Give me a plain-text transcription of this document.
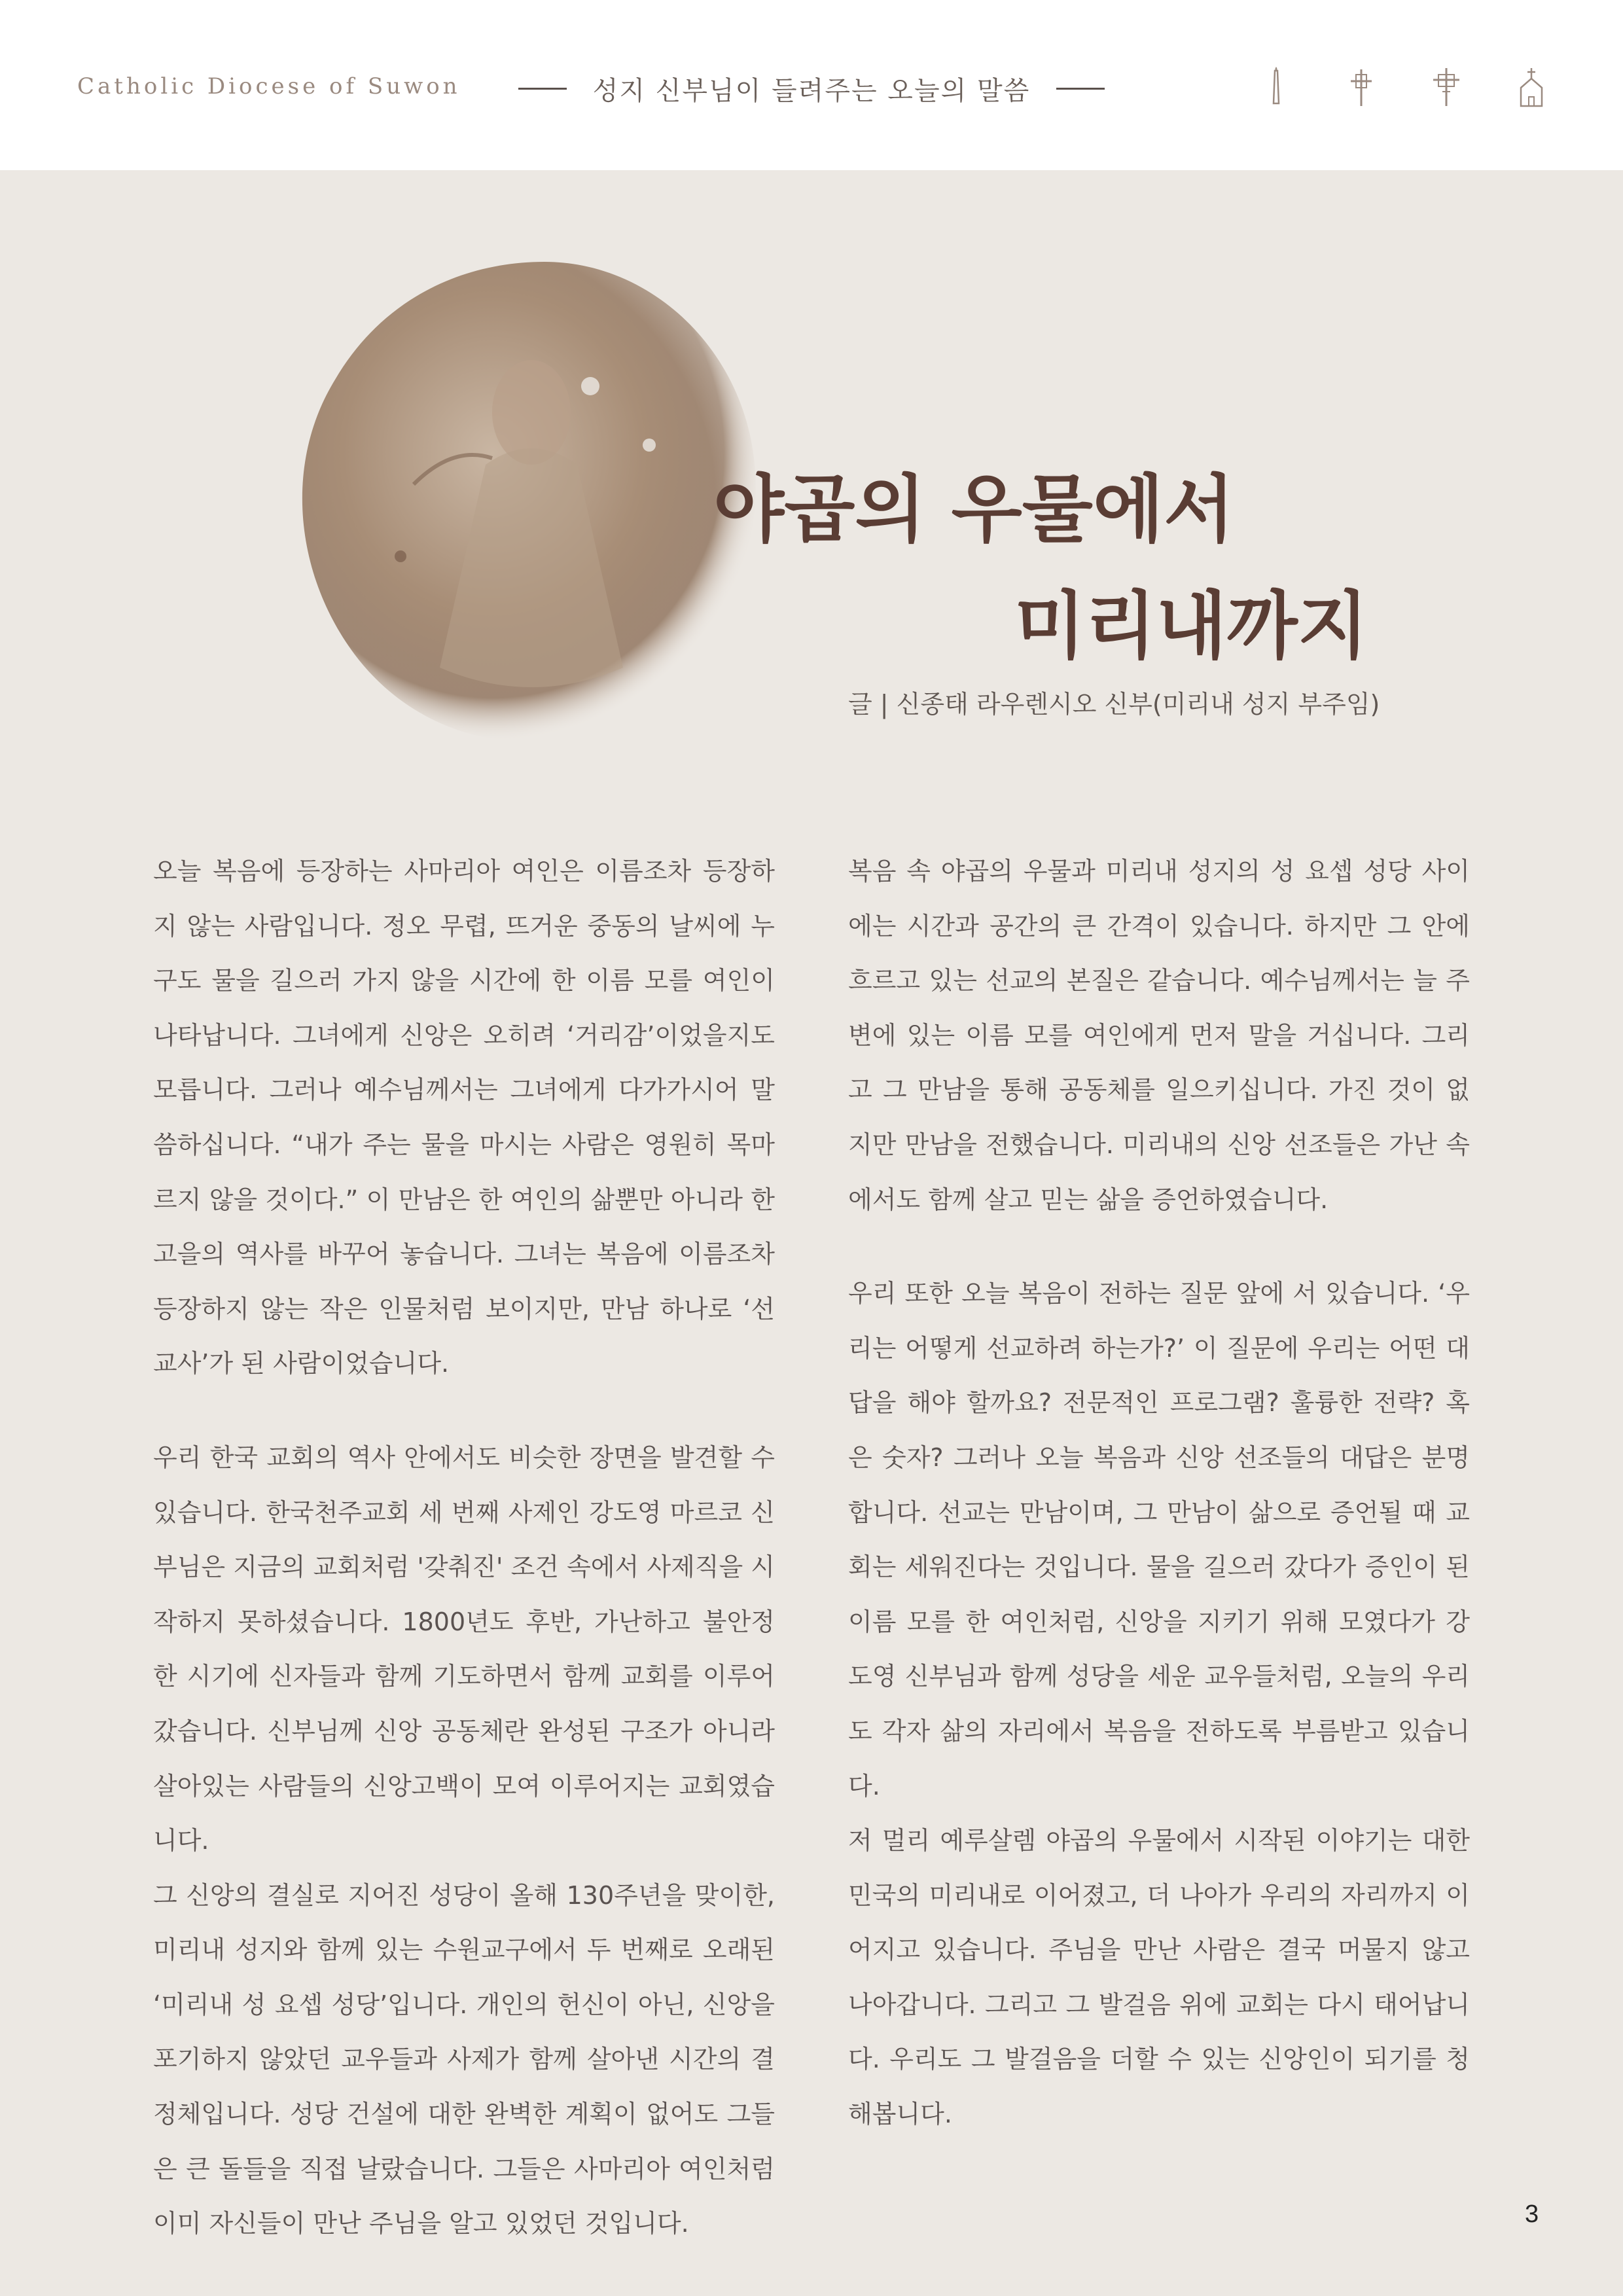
Catholic Diocese of Suwon	성지 신부님이 들려주는 오늘의 말씀
야곱의 우물에서
미리내까지
글 | 신종태 라우렌시오 신부(미리내 성지 부주임)

오늘 복음에 등장하는 사마리아 여인은 이름조차 등장하지 않는 사람입니다. 정오 무렵, 뜨거운 중동의 날씨에 누구도 물을 길으러 가지 않을 시간에 한 이름 모를 여인이 나타납니다. 그녀에게 신앙은 오히려 ‘거리감’이었을지도 모릅니다. 그러나 예수님께서는 그녀에게 다가가시어 말씀하십니다. “내가 주는 물을 마시는 사람은 영원히 목마르지 않을 것이다.” 이 만남은 한 여인의 삶뿐만 아니라 한 고을의 역사를 바꾸어 놓습니다. 그녀는 복음에 이름조차 등장하지 않는 작은 인물처럼 보이지만, 만남 하나로 ‘선교사’가 된 사람이었습니다.

우리 한국 교회의 역사 안에서도 비슷한 장면을 발견할 수 있습니다. 한국천주교회 세 번째 사제인 강도영 마르코 신부님은 지금의 교회처럼 '갖춰진' 조건 속에서 사제직을 시작하지 못하셨습니다. 1800년도 후반, 가난하고 불안정한 시기에 신자들과 함께 기도하면서 함께 교회를 이루어 갔습니다. 신부님께 신앙 공동체란 완성된 구조가 아니라 살아있는 사람들의 신앙고백이 모여 이루어지는 교회였습니다.

그 신앙의 결실로 지어진 성당이 올해 130주년을 맞이한, 미리내 성지와 함께 있는 수원교구에서 두 번째로 오래된 ‘미리내 성 요셉 성당’입니다. 개인의 헌신이 아닌, 신앙을 포기하지 않았던 교우들과 사제가 함께 살아낸 시간의 결정체입니다. 성당 건설에 대한 완벽한 계획이 없어도 그들은 큰 돌들을 직접 날랐습니다. 그들은 사마리아 여인처럼 이미 자신들이 만난 주님을 알고 있었던 것입니다.

복음 속 야곱의 우물과 미리내 성지의 성 요셉 성당 사이에는 시간과 공간의 큰 간격이 있습니다. 하지만 그 안에 흐르고 있는 선교의 본질은 같습니다. 예수님께서는 늘 주변에 있는 이름 모를 여인에게 먼저 말을 거십니다. 그리고 그 만남을 통해 공동체를 일으키십니다. 가진 것이 없지만 만남을 전했습니다. 미리내의 신앙 선조들은 가난 속에서도 함께 살고 믿는 삶을 증언하였습니다.

우리 또한 오늘 복음이 전하는 질문 앞에 서 있습니다. ‘우리는 어떻게 선교하려 하는가?’ 이 질문에 우리는 어떤 대답을 해야 할까요? 전문적인 프로그램? 훌륭한 전략? 혹은 숫자? 그러나 오늘 복음과 신앙 선조들의 대답은 분명합니다. 선교는 만남이며, 그 만남이 삶으로 증언될 때 교회는 세워진다는 것입니다. 물을 길으러 갔다가 증인이 된 이름 모를 한 여인처럼, 신앙을 지키기 위해 모였다가 강도영 신부님과 함께 성당을 세운 교우들처럼, 오늘의 우리도 각자 삶의 자리에서 복음을 전하도록 부름받고 있습니다.

저 멀리 예루살렘 야곱의 우물에서 시작된 이야기는 대한민국의 미리내로 이어졌고, 더 나아가 우리의 자리까지 이어지고 있습니다. 주님을 만난 사람은 결국 머물지 않고 나아갑니다. 그리고 그 발걸음 위에 교회는 다시 태어납니다. 우리도 그 발걸음을 더할 수 있는 신앙인이 되기를 청해봅니다.

3
